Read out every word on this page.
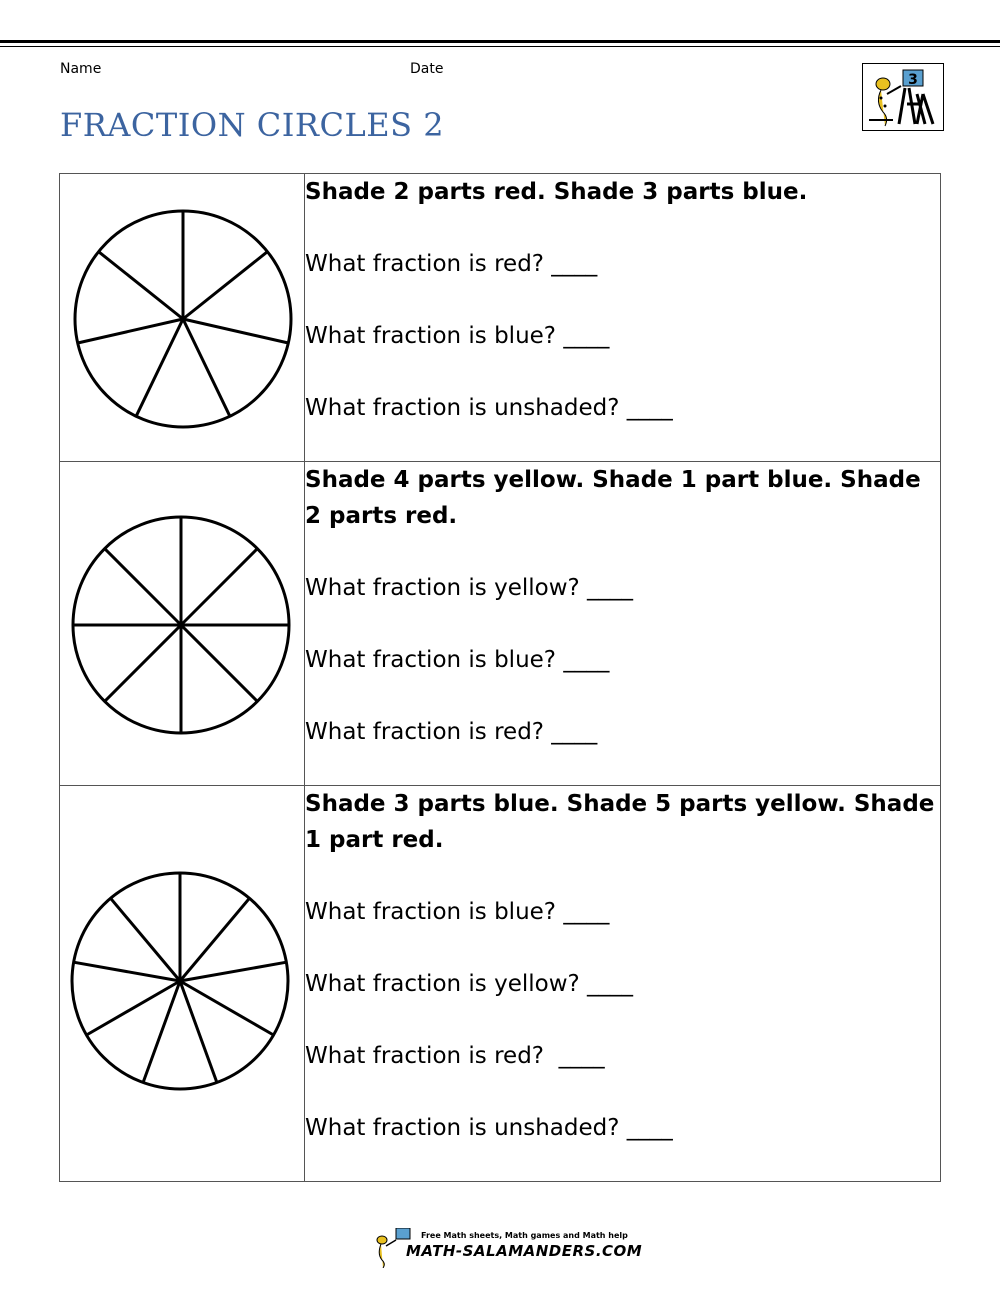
Name	Date
FRACTION CIRCLES 2
3

Shade 2 parts red. Shade 3 parts blue.
What fraction is red? ____
What fraction is blue? ____
What fraction is unshaded? ____

Shade 4 parts yellow. Shade 1 part blue. Shade 2 parts red.
What fraction is yellow? ____
What fraction is blue? ____
What fraction is red? ____

Shade 3 parts blue. Shade 5 parts yellow. Shade 1 part red.
What fraction is blue? ____
What fraction is yellow? ____
What fraction is red?  ____
What fraction is unshaded? ____
Free Math sheets, Math games and Math help
MATH-SALAMANDERS.COM
